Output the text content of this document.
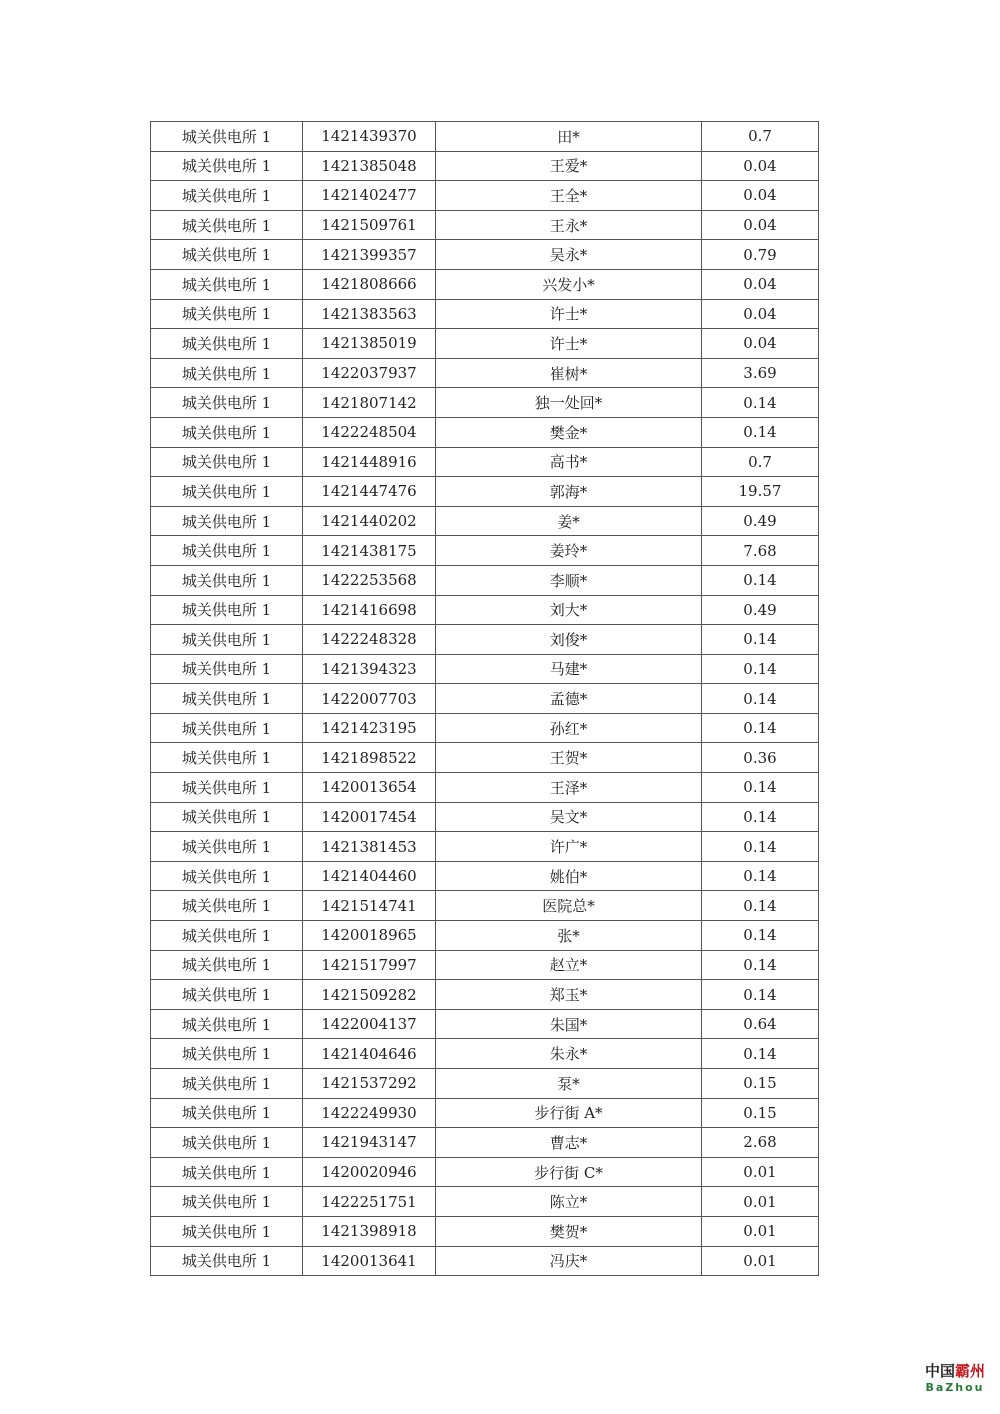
城关供电所 1	1421439370	田*	0.7
城关供电所 1	1421385048	王爱*	0.04
城关供电所 1	1421402477	王全*	0.04
城关供电所 1	1421509761	王永*	0.04
城关供电所 1	1421399357	吴永*	0.79
城关供电所 1	1421808666	兴发小*	0.04
城关供电所 1	1421383563	许士*	0.04
城关供电所 1	1421385019	许士*	0.04
城关供电所 1	1422037937	崔树*	3.69
城关供电所 1	1421807142	独一处回*	0.14
城关供电所 1	1422248504	樊金*	0.14
城关供电所 1	1421448916	高书*	0.7
城关供电所 1	1421447476	郭海*	19.57
城关供电所 1	1421440202	姜*	0.49
城关供电所 1	1421438175	姜玲*	7.68
城关供电所 1	1422253568	李顺*	0.14
城关供电所 1	1421416698	刘大*	0.49
城关供电所 1	1422248328	刘俊*	0.14
城关供电所 1	1421394323	马建*	0.14
城关供电所 1	1422007703	孟德*	0.14
城关供电所 1	1421423195	孙红*	0.14
城关供电所 1	1421898522	王贺*	0.36
城关供电所 1	1420013654	王泽*	0.14
城关供电所 1	1420017454	吴文*	0.14
城关供电所 1	1421381453	许广*	0.14
城关供电所 1	1421404460	姚伯*	0.14
城关供电所 1	1421514741	医院总*	0.14
城关供电所 1	1420018965	张*	0.14
城关供电所 1	1421517997	赵立*	0.14
城关供电所 1	1421509282	郑玉*	0.14
城关供电所 1	1422004137	朱国*	0.64
城关供电所 1	1421404646	朱永*	0.14
城关供电所 1	1421537292	泵*	0.15
城关供电所 1	1422249930	步行街 A*	0.15
城关供电所 1	1421943147	曹志*	2.68
城关供电所 1	1420020946	步行街 C*	0.01
城关供电所 1	1422251751	陈立*	0.01
城关供电所 1	1421398918	樊贺*	0.01
城关供电所 1	1420013641	冯庆*	0.01
中国霸州
BaZhou
